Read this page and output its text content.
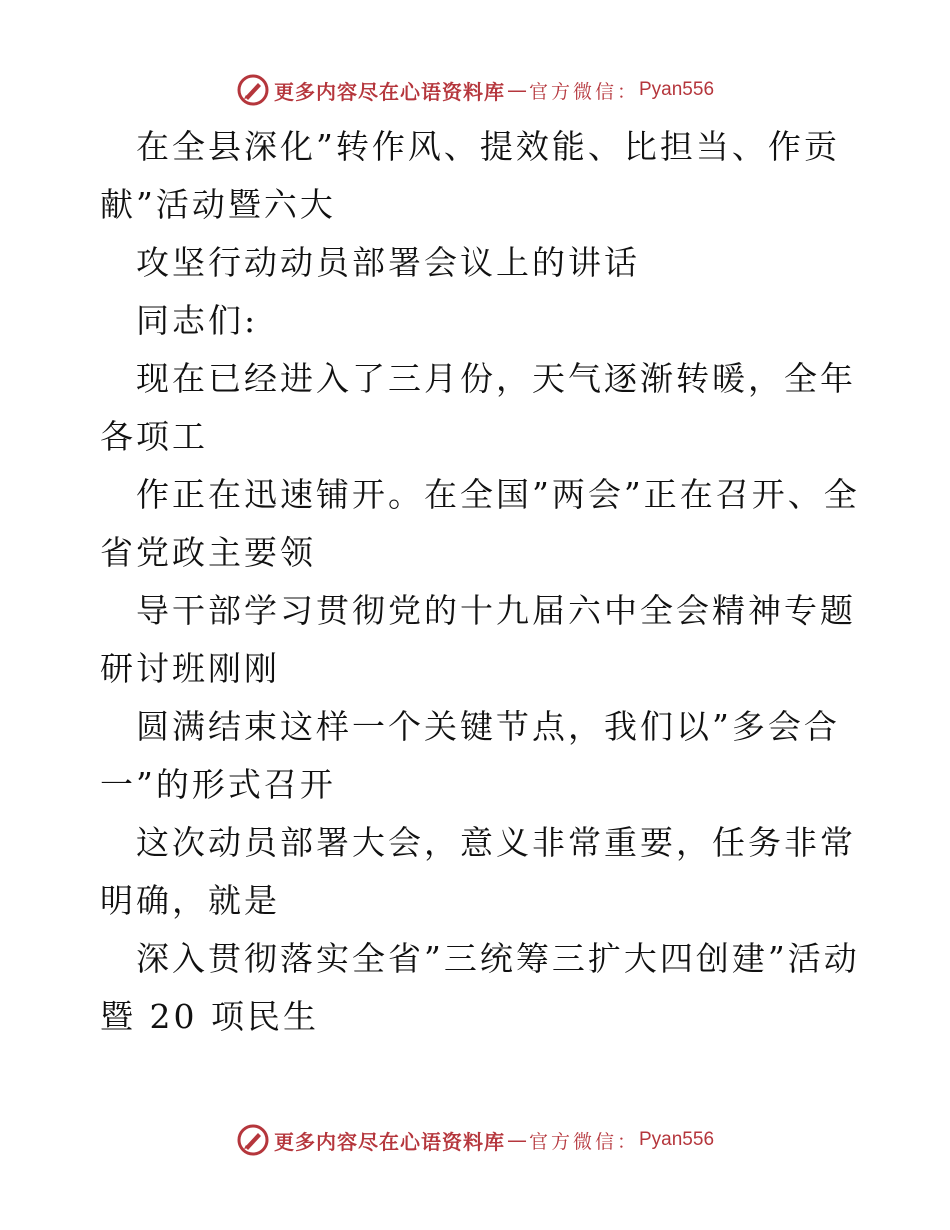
更多内容尽在心语资料库 — 官方微信： Pyan556

在全县深化”转作风、提效能、比担当、作贡献”活动暨六大

攻坚行动动员部署会议上的讲话

同志们:

现在已经进入了三月份，天气逐渐转暖，全年各项工

作正在迅速铺开。在全国”两会”正在召开、全省党政主要领

导干部学习贯彻党的十九届六中全会精神专题研讨班刚刚

圆满结束这样一个关键节点，我们以”多会合一”的形式召开

这次动员部署大会，意义非常重要，任务非常明确，就是

深入贯彻落实全省”三统筹三扩大四创建”活动暨 20 项民生

更多内容尽在心语资料库 — 官方微信： Pyan556
